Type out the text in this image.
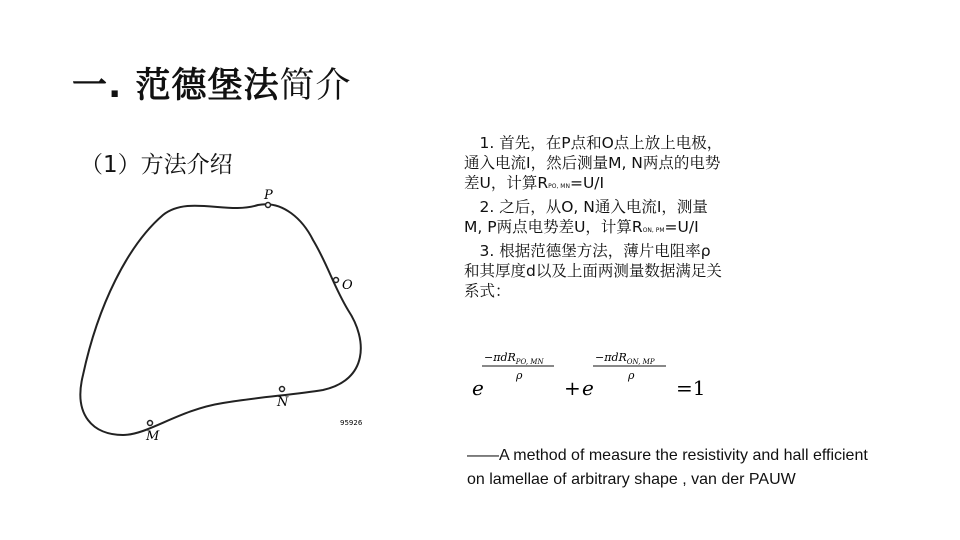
一. 范德堡法简介
（1）方法介绍
P
O
N
M
95926

　1. 首先，在P点和O点上放上电极，通入电流I，然后测量M, N两点的电势差U，计算RPO, MN=U/I

　2. 之后，从O, N通入电流I，测量　　M, P两点电势差U，计算RON, PM=U/I

　3. 根据范德堡方法，薄片电阻率ρ和其厚度d以及上面两测量数据满足关系式：

e
−πdR$_{PO, MN}$
ρ
+ e
−πdR$_{ON, MP}$
ρ
=1
——A method of measure the resistivity and hall efficient on lamellae of arbitrary shape , van der PAUW
